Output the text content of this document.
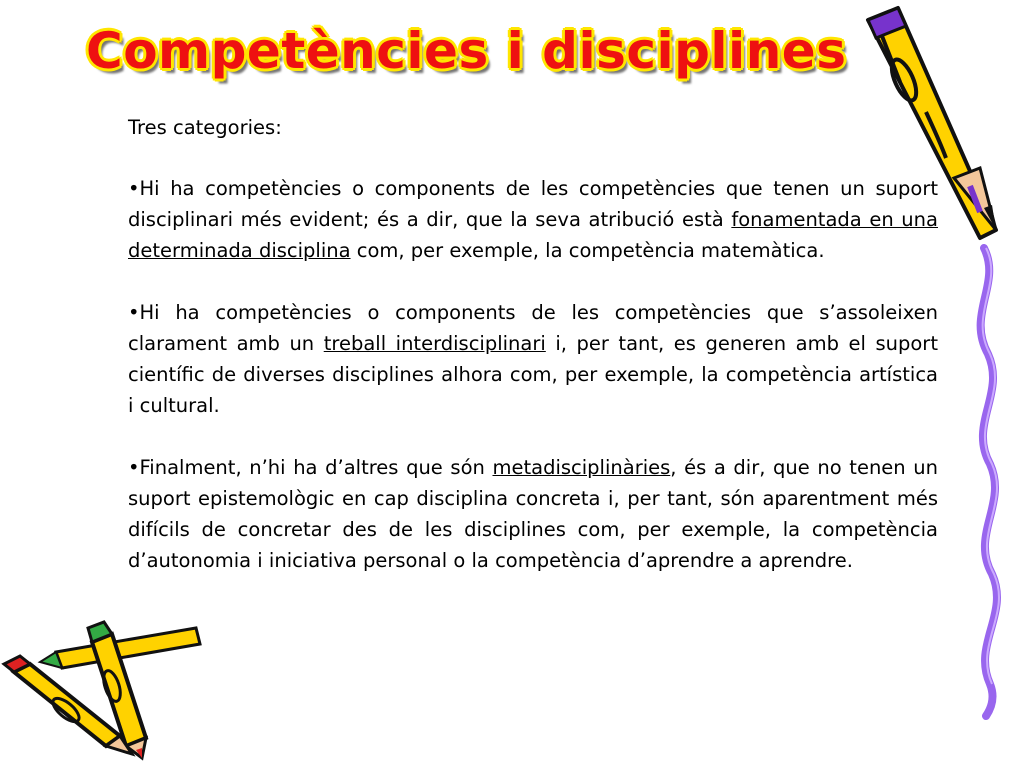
Competències i disciplines

Tres categories:

•Hi ha competències o components de les competències que tenen un suport disciplinari més evident; és a dir, que la seva atribució està fonamentada en una determinada disciplina com, per exemple, la competència matemàtica.

•Hi ha competències o components de les competències que s’assoleixen clarament amb un treball interdisciplinari i, per tant, es generen amb el suport científic de diverses disciplines alhora com, per exemple, la competència artística i cultural.

•Finalment, n’hi ha d’altres que són metadisciplinàries, és a dir, que no tenen un suport epistemològic en cap disciplina concreta i, per tant, són aparentment més difícils de concretar des de les disciplines com, per exemple, la competència d’autonomia i iniciativa personal o la competència d’aprendre a aprendre.
